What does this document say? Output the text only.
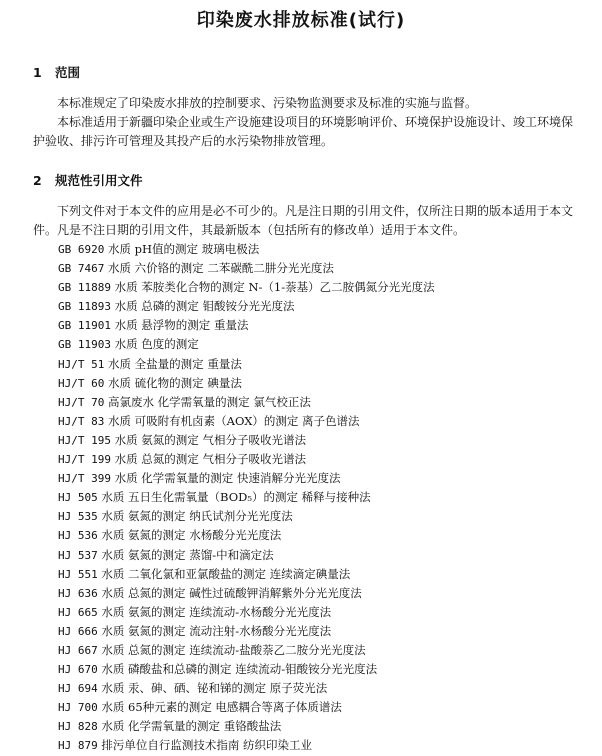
印染废水排放标准(试行)
1 范围

本标准规定了印染废水排放的控制要求、污染物监测要求及标准的实施与监督。

本标准适用于新疆印染企业或生产设施建设项目的环境影响评价、环境保护设施设计、竣工环境保护验收、排污许可管理及其投产后的水污染物排放管理。

2 规范性引用文件

下列文件对于本文件的应用是必不可少的。凡是注日期的引用文件，仅所注日期的版本适用于本文件。凡是不注日期的引用文件，其最新版本（包括所有的修改单）适用于本文件。

GB 6920 水质 pH值的测定 玻璃电极法
GB 7467 水质 六价铬的测定 二苯碳酰二肼分光光度法
GB 11889 水质 苯胺类化合物的测定 N-（1-萘基）乙二胺偶氮分光光度法
GB 11893 水质 总磷的测定 钼酸铵分光光度法
GB 11901 水质 悬浮物的测定 重量法
GB 11903 水质 色度的测定
HJ/T 51 水质 全盐量的测定 重量法
HJ/T 60 水质 硫化物的测定 碘量法
HJ/T 70 高氯废水 化学需氧量的测定 氯气校正法
HJ/T 83 水质 可吸附有机卤素（AOX）的测定 离子色谱法
HJ/T 195 水质 氨氮的测定 气相分子吸收光谱法
HJ/T 199 水质 总氮的测定 气相分子吸收光谱法
HJ/T 399 水质 化学需氧量的测定 快速消解分光光度法
HJ 505 水质 五日生化需氧量（BOD₅）的测定 稀释与接种法
HJ 535 水质 氨氮的测定 纳氏试剂分光光度法
HJ 536 水质 氨氮的测定 水杨酸分光光度法
HJ 537 水质 氨氮的测定 蒸馏-中和滴定法
HJ 551 水质 二氧化氯和亚氯酸盐的测定 连续滴定碘量法
HJ 636 水质 总氮的测定 碱性过硫酸钾消解紫外分光光度法
HJ 665 水质 氨氮的测定 连续流动-水杨酸分光光度法
HJ 666 水质 氨氮的测定 流动注射-水杨酸分光光度法
HJ 667 水质 总氮的测定 连续流动-盐酸萘乙二胺分光光度法
HJ 670 水质 磷酸盐和总磷的测定 连续流动-钼酸铵分光光度法
HJ 694 水质 汞、砷、硒、铋和锑的测定 原子荧光法
HJ 700 水质 65种元素的测定 电感耦合等离子体质谱法
HJ 828 水质 化学需氧量的测定 重铬酸盐法
HJ 879 排污单位自行监测技术指南 纺织印染工业
